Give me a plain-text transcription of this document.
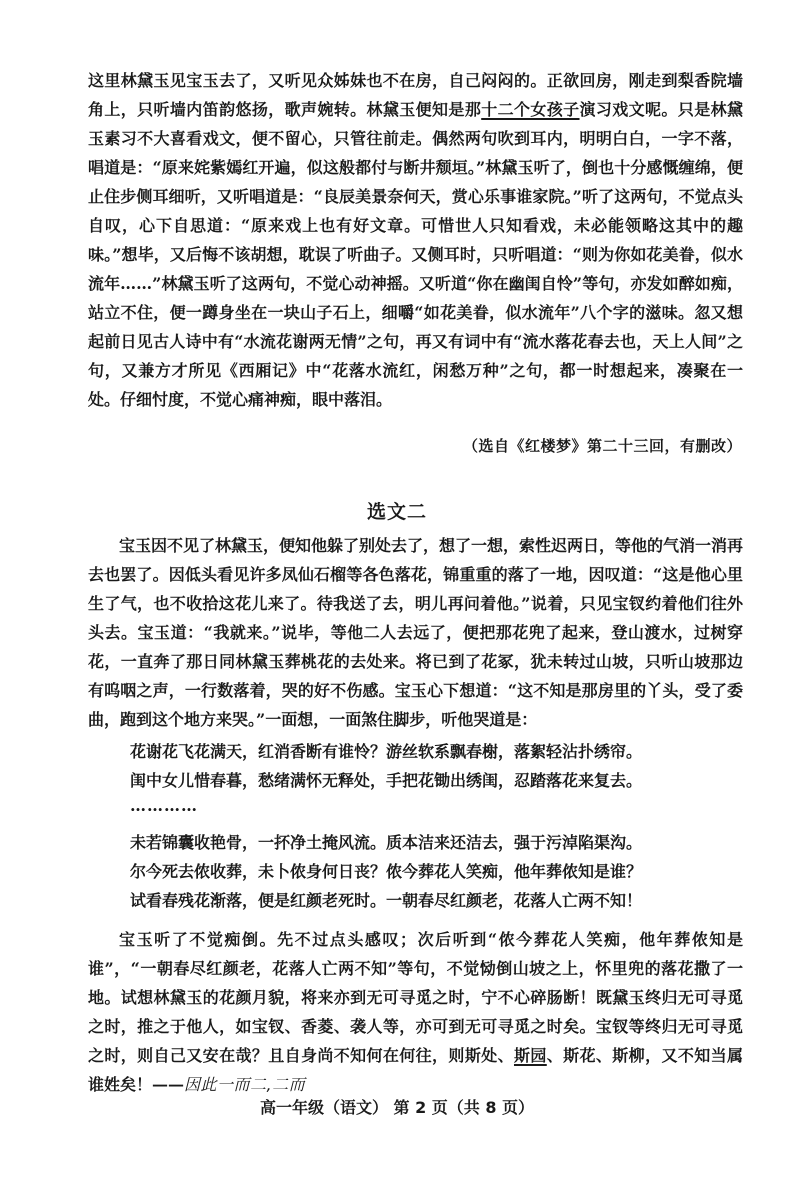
这里林黛玉见宝玉去了，又听见众姊妹也不在房，自己闷闷的。正欲回房，刚走到梨香院墙角上，只听墙内笛韵悠扬，歌声婉转。林黛玉便知是那十二个女孩子演习戏文呢。只是林黛玉素习不大喜看戏文，便不留心，只管往前走。偶然两句吹到耳内，明明白白，一字不落，唱道是：“原来姹紫嫣红开遍，似这般都付与断井颓垣。”林黛玉听了，倒也十分感慨缠绵，便止住步侧耳细听，又听唱道是：“良辰美景奈何天，赏心乐事谁家院。”听了这两句，不觉点头自叹，心下自思道：“原来戏上也有好文章。可惜世人只知看戏，未必能领略这其中的趣味。”想毕，又后悔不该胡想，耽误了听曲子。又侧耳时，只听唱道：“则为你如花美眷，似水流年……”林黛玉听了这两句，不觉心动神摇。又听道“你在幽闺自怜”等句，亦发如醉如痴，站立不住，便一蹲身坐在一块山子石上，细嚼“如花美眷，似水流年”八个字的滋味。忽又想起前日见古人诗中有“水流花谢两无情”之句，再又有词中有“流水落花春去也，天上人间”之句，又兼方才所见《西厢记》中“花落水流红，闲愁万种”之句，都一时想起来，凑聚在一处。仔细忖度，不觉心痛神痴，眼中落泪。

（选自《红楼梦》第二十三回，有删改）
选文二

宝玉因不见了林黛玉，便知他躲了别处去了，想了一想，索性迟两日，等他的气消一消再去也罢了。因低头看见许多凤仙石榴等各色落花，锦重重的落了一地，因叹道：“这是他心里生了气，也不收拾这花儿来了。待我送了去，明儿再问着他。”说着，只见宝钗约着他们往外头去。宝玉道：“我就来。”说毕，等他二人去远了，便把那花兜了起来，登山渡水，过树穿花，一直奔了那日同林黛玉葬桃花的去处来。将已到了花冢，犹未转过山坡，只听山坡那边有呜咽之声，一行数落着，哭的好不伤感。宝玉心下想道：“这不知是那房里的丫头，受了委曲，跑到这个地方来哭。”一面想，一面煞住脚步，听他哭道是：

花谢花飞花满天，红消香断有谁怜？游丝软系飘春榭，落絮轻沾扑绣帘。
闺中女儿惜春暮，愁绪满怀无释处，手把花锄出绣闺，忍踏落花来复去。
…………
未若锦囊收艳骨，一抔净土掩风流。质本洁来还洁去，强于污淖陷渠沟。
尔今死去侬收葬，未卜侬身何日丧？侬今葬花人笑痴，他年葬侬知是谁？
试看春残花渐落，便是红颜老死时。一朝春尽红颜老，花落人亡两不知！

宝玉听了不觉痴倒。先不过点头感叹；次后听到“侬今葬花人笑痴，他年葬侬知是谁”，“一朝春尽红颜老，花落人亡两不知”等句，不觉恸倒山坡之上，怀里兜的落花撒了一地。试想林黛玉的花颜月貌，将来亦到无可寻觅之时，宁不心碎肠断！既黛玉终归无可寻觅之时，推之于他人，如宝钗、香菱、袭人等，亦可到无可寻觅之时矣。宝钗等终归无可寻觅之时，则自己又安在哉？且自身尚不知何在何往，则斯处、斯园、斯花、斯柳，又不知当属谁姓矣！——因此一而二,二而

高一年级（语文） 第 2 页（共 8 页）
